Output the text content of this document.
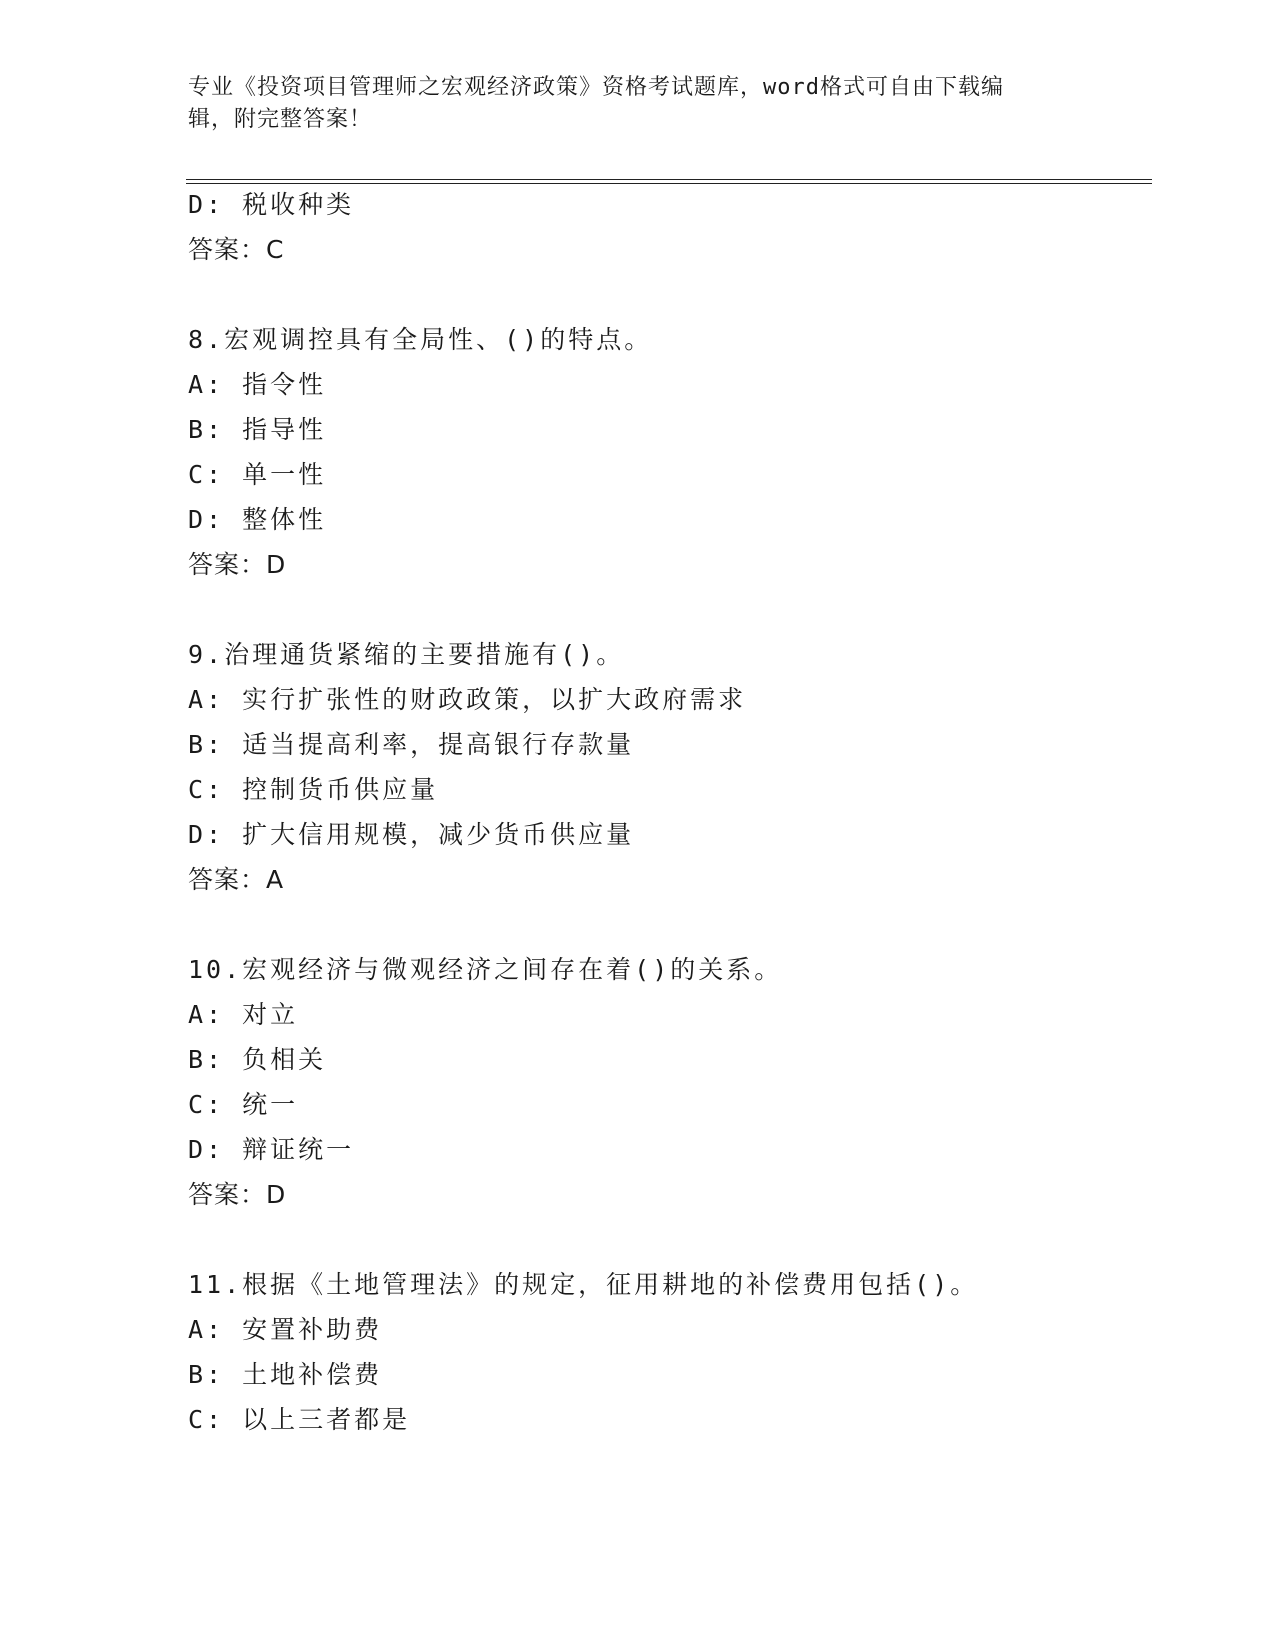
专业《投资项目管理师之宏观经济政策》资格考试题库，word格式可自由下载编
辑，附完整答案！
D: 税收种类
答案：C
8.宏观调控具有全局性、()的特点。
A: 指令性
B: 指导性
C: 单一性
D: 整体性
答案：D
9.治理通货紧缩的主要措施有()。
A: 实行扩张性的财政政策，以扩大政府需求
B: 适当提高利率，提高银行存款量
C: 控制货币供应量
D: 扩大信用规模，减少货币供应量
答案：A
10.宏观经济与微观经济之间存在着()的关系。
A: 对立
B: 负相关
C: 统一
D: 辩证统一
答案：D
11.根据《土地管理法》的规定，征用耕地的补偿费用包括()。
A: 安置补助费
B: 土地补偿费
C: 以上三者都是
